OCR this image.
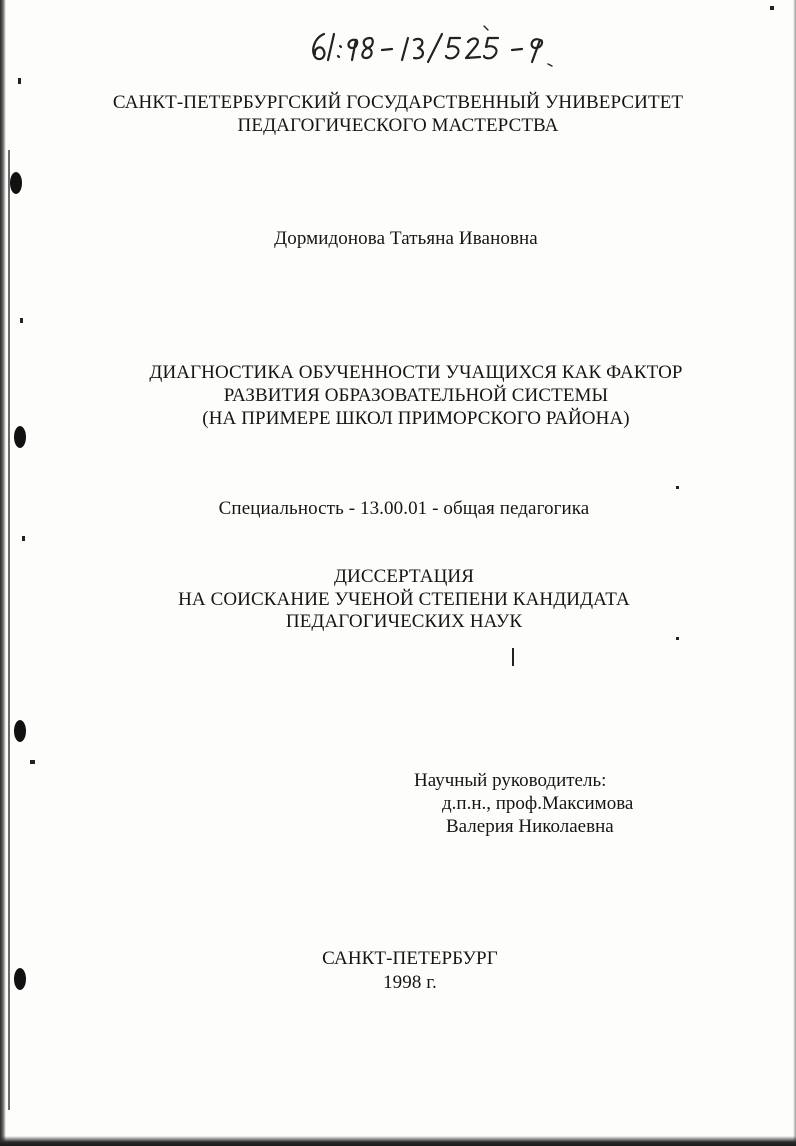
САНКТ-ПЕТЕРБУРГСКИЙ ГОСУДАРСТВЕННЫЙ УНИВЕРСИТЕТ
ПЕДАГОГИЧЕСКОГО МАСТЕРСТВА
Дормидонова Татьяна Ивановна
ДИАГНОСТИКА ОБУЧЕННОСТИ УЧАЩИХСЯ КАК ФАКТОР
РАЗВИТИЯ ОБРАЗОВАТЕЛЬНОЙ СИСТЕМЫ
(НА ПРИМЕРЕ ШКОЛ ПРИМОРСКОГО РАЙОНА)
Специальность - 13.00.01 - общая педагогика
ДИССЕРТАЦИЯ
НА СОИСКАНИЕ УЧЕНОЙ СТЕПЕНИ КАНДИДАТА
ПЕДАГОГИЧЕСКИХ НАУК
Научный руководитель:
д.п.н., проф.Максимова
Валерия Николаевна
САНКТ-ПЕТЕРБУРГ
1998 г.
